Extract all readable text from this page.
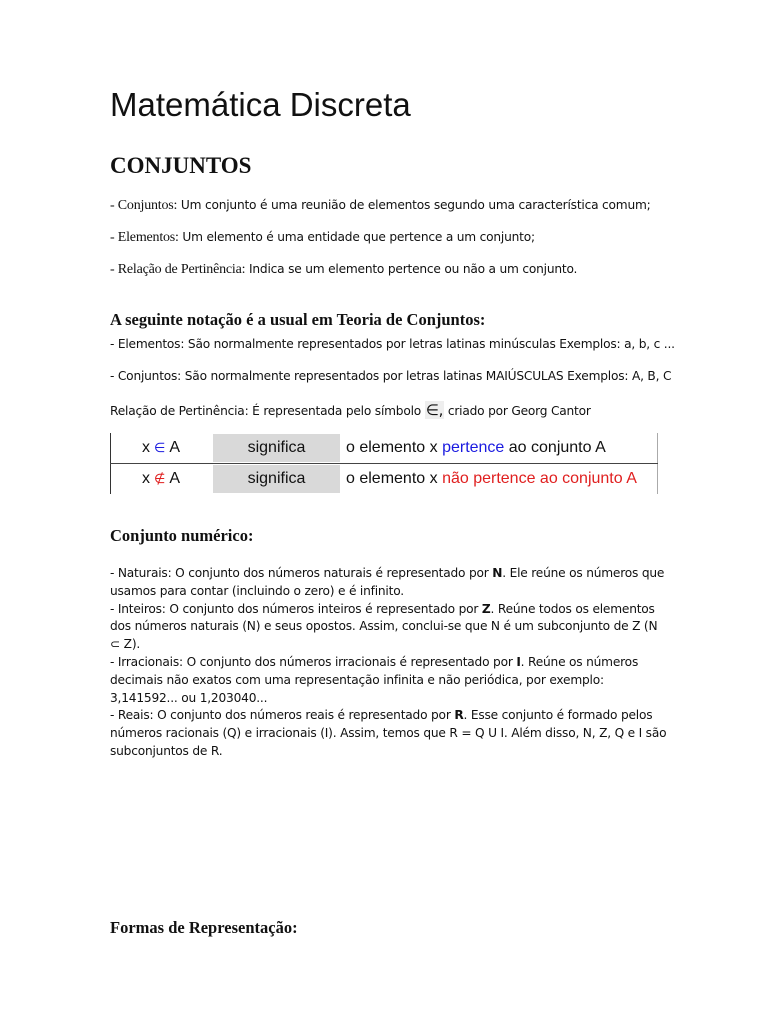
Matemática Discreta
CONJUNTOS
- Conjuntos: Um conjunto é uma reunião de elementos segundo uma característica comum;
- Elementos: Um elemento é uma entidade que pertence a um conjunto;
- Relação de Pertinência: Indica se um elemento pertence ou não a um conjunto.
A seguinte notação é a usual em Teoria de Conjuntos:
- Elementos: São normalmente representados por letras latinas minúsculas Exemplos: a, b, c ...
- Conjuntos: São normalmente representados por letras latinas MAIÚSCULAS Exemplos: A, B, C
Relação de Pertinência: É representada pelo símbolo ∈, criado por Georg Cantor
x ∈ A	significa	o elemento x pertence ao conjunto A
x ∉ A	significa	o elemento x não pertence ao conjunto A
Conjunto numérico:

- Naturais: O conjunto dos números naturais é representado por N. Ele reúne os números que usamos para contar (incluindo o zero) e é infinito.

- Inteiros: O conjunto dos números inteiros é representado por Z. Reúne todos os elementos dos números naturais (N) e seus opostos. Assim, conclui-se que N é um subconjunto de Z (N ⊂ Z).

- Irracionais: O conjunto dos números irracionais é representado por I. Reúne os números decimais não exatos com uma representação infinita e não periódica, por exemplo: 3,141592... ou 1,203040...

- Reais: O conjunto dos números reais é representado por R. Esse conjunto é formado pelos números racionais (Q) e irracionais (I). Assim, temos que R = Q U I. Além disso, N, Z, Q e I são subconjuntos de R.

Formas de Representação:
